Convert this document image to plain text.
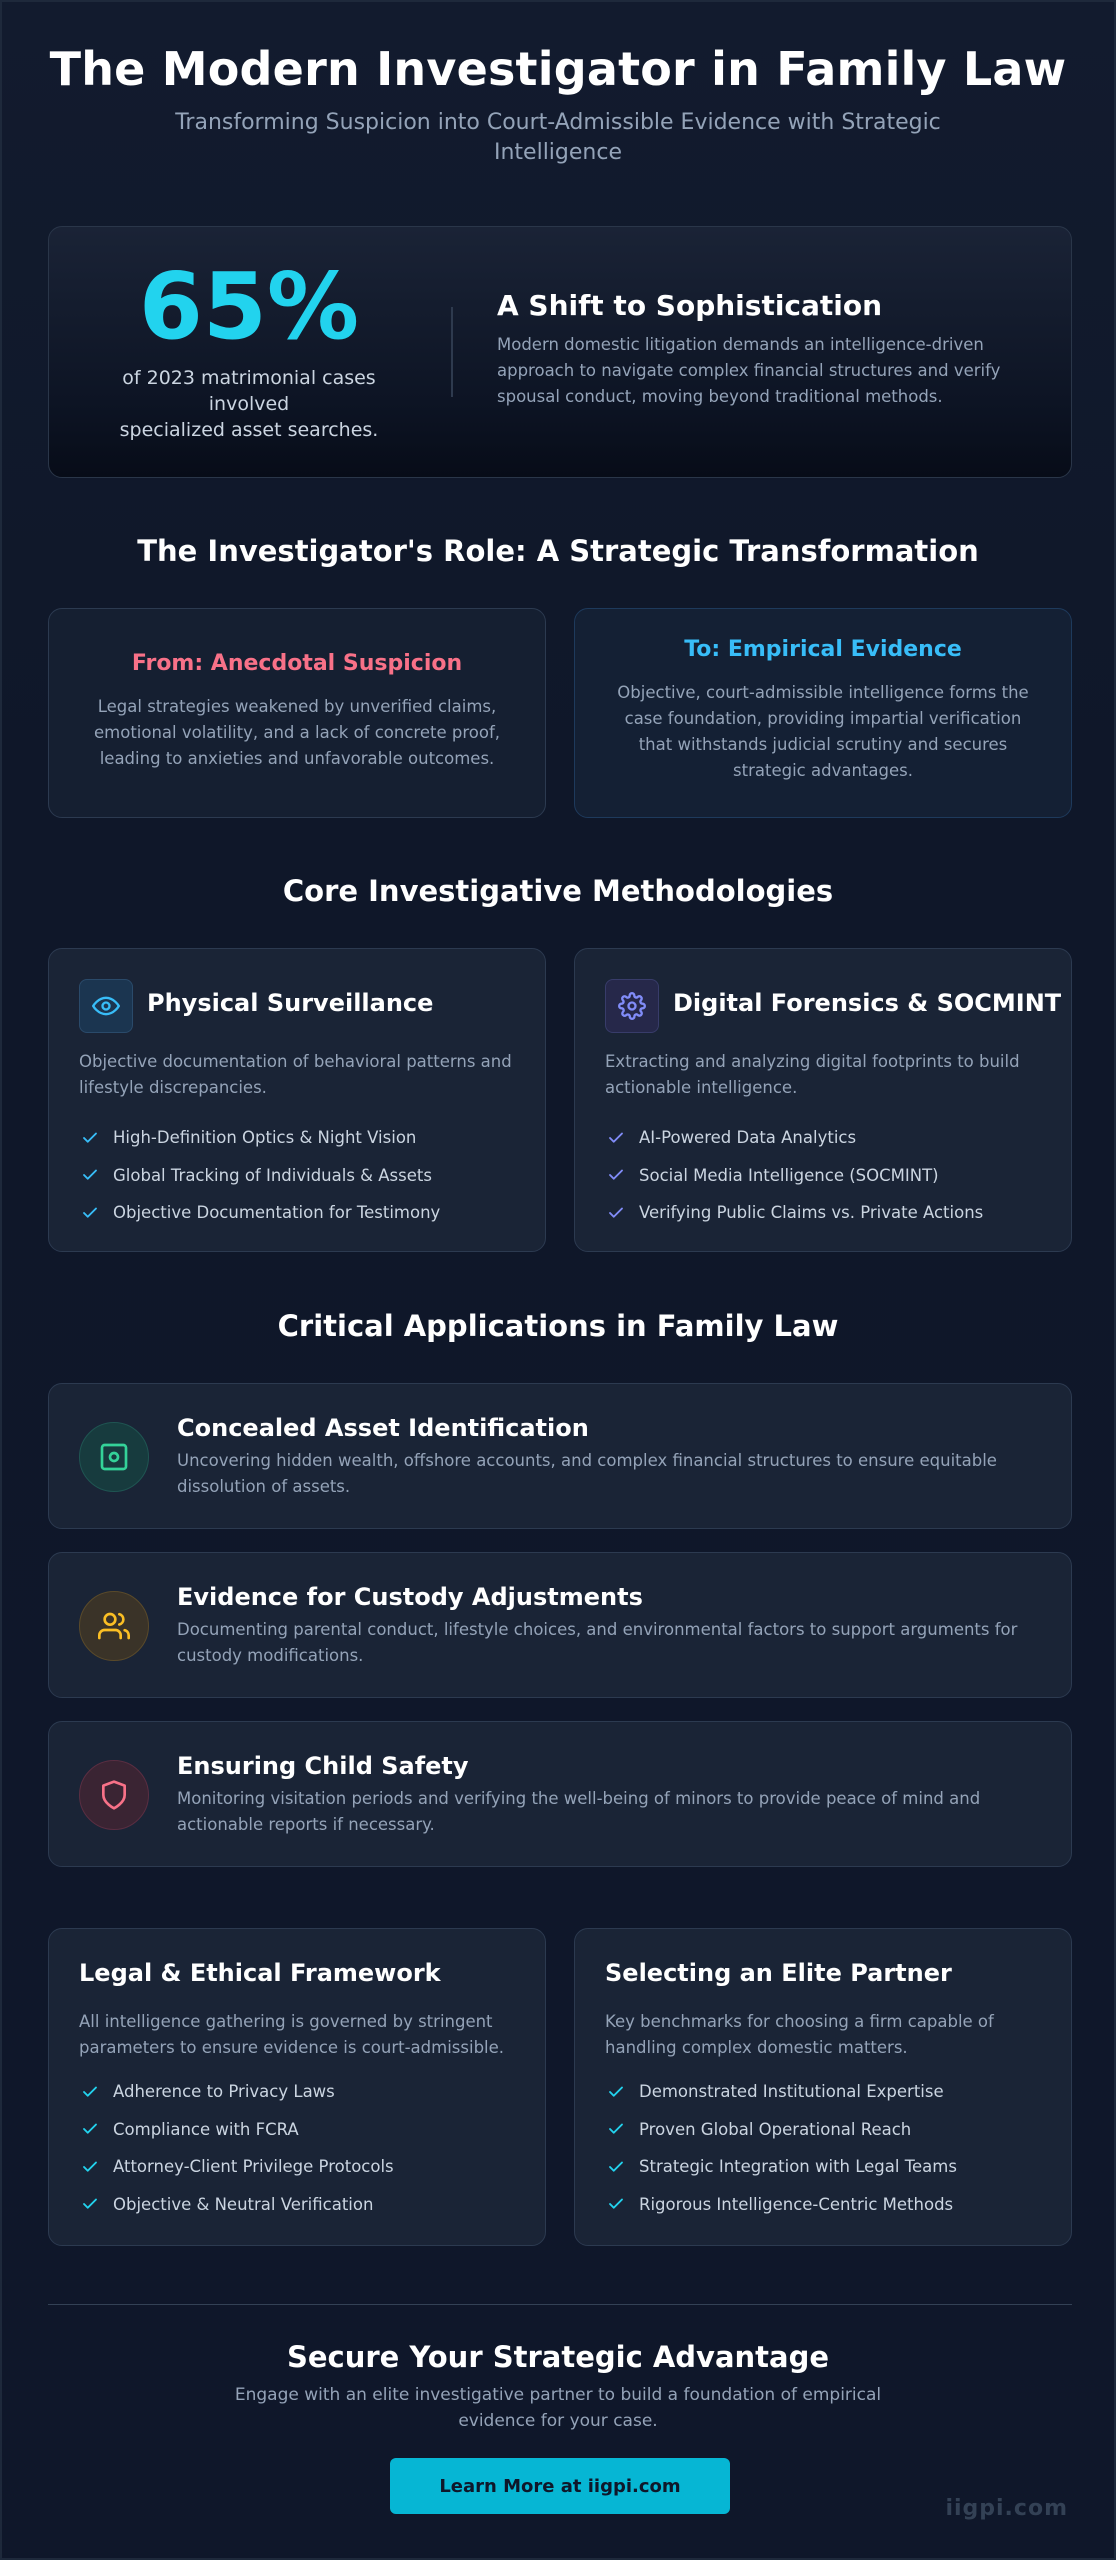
The Modern Investigator in Family Law

Transforming Suspicion into Court-Admissible Evidence with Strategic Intelligence

65%
of 2023 matrimonial cases involved
specialized asset searches.
A Shift to Sophistication

Modern domestic litigation demands an intelligence-driven approach to navigate complex financial structures and verify spousal conduct, moving beyond traditional methods.

The Investigator's Role: A Strategic Transformation
From: Anecdotal Suspicion
Legal strategies weakened by unverified claims, emotional volatility, and a lack of concrete proof, leading to anxieties and unfavorable outcomes.
To: Empirical Evidence
Objective, court-admissible intelligence forms the case foundation, providing impartial verification that withstands judicial scrutiny and secures strategic advantages.
Core Investigative Methodologies
Physical Surveillance
Objective documentation of behavioral patterns and lifestyle discrepancies.
High-Definition Optics & Night Vision
Global Tracking of Individuals & Assets
Objective Documentation for Testimony
Digital Forensics & SOCMINT
Extracting and analyzing digital footprints to build actionable intelligence.
AI-Powered Data Analytics
Social Media Intelligence (SOCMINT)
Verifying Public Claims vs. Private Actions
Critical Applications in Family Law
Concealed Asset Identification
Uncovering hidden wealth, offshore accounts, and complex financial structures to ensure equitable dissolution of assets.
Evidence for Custody Adjustments
Documenting parental conduct, lifestyle choices, and environmental factors to support arguments for custody modifications.
Ensuring Child Safety
Monitoring visitation periods and verifying the well-being of minors to provide peace of mind and actionable reports if necessary.
Legal & Ethical Framework
All intelligence gathering is governed by stringent parameters to ensure evidence is court-admissible.
Adherence to Privacy Laws
Compliance with FCRA
Attorney-Client Privilege Protocols
Objective & Neutral Verification
Selecting an Elite Partner
Key benchmarks for choosing a firm capable of handling complex domestic matters.
Demonstrated Institutional Expertise
Proven Global Operational Reach
Strategic Integration with Legal Teams
Rigorous Intelligence-Centric Methods
Secure Your Strategic Advantage
Engage with an elite investigative partner to build a foundation of empirical evidence for your case.
Learn More at iigpi.com
iigpi.com
